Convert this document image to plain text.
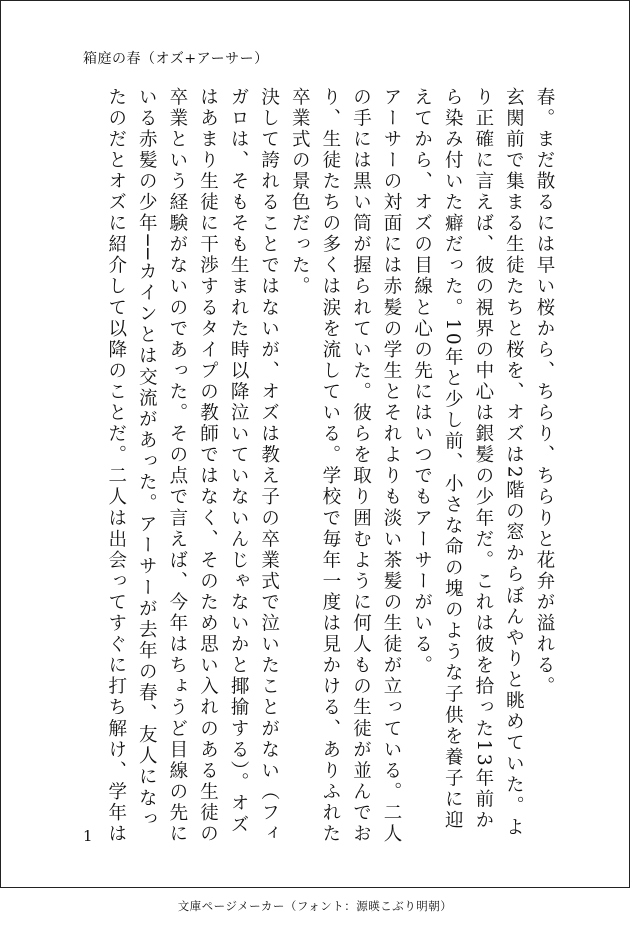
箱庭の春（オズ+アーサー）
春。まだ散るには早い桜から、ちらり、ちらりと花弁が溢れる。
玄関前で集まる生徒たちと桜を、オズは2階の窓からぼんやりと眺めていた。よ
り正確に言えば、彼の視界の中心は銀髪の少年だ。これは彼を拾った13年前か
ら染み付いた癖だった。10年と少し前、小さな命の塊のような子供を養子に迎
えてから、オズの目線と心の先にはいつでもアーサーがいる。
アーサーの対面には赤髪の学生とそれよりも淡い茶髪の生徒が立っている。二人
の手には黒い筒が握られていた。彼らを取り囲むように何人もの生徒が並んでお
り、生徒たちの多くは涙を流している。学校で毎年一度は見かける、ありふれた
卒業式の景色だった。
決して誇れることではないが、オズは教え子の卒業式で泣いたことがない（フィ
ガロは、そもそも生まれた時以降泣いていないんじゃないかと揶揄する）。オズ
はあまり生徒に干渉するタイプの教師ではなく、そのため思い入れのある生徒の
卒業という経験がないのであった。その点で言えば、今年はちょうど目線の先に
いる赤髪の少年──カインとは交流があった。アーサーが去年の春、友人になっ
たのだとオズに紹介して以降のことだ。二人は出会ってすぐに打ち解け、学年は
1
文庫ページメーカー（フォント：源暎こぶり明朝）
